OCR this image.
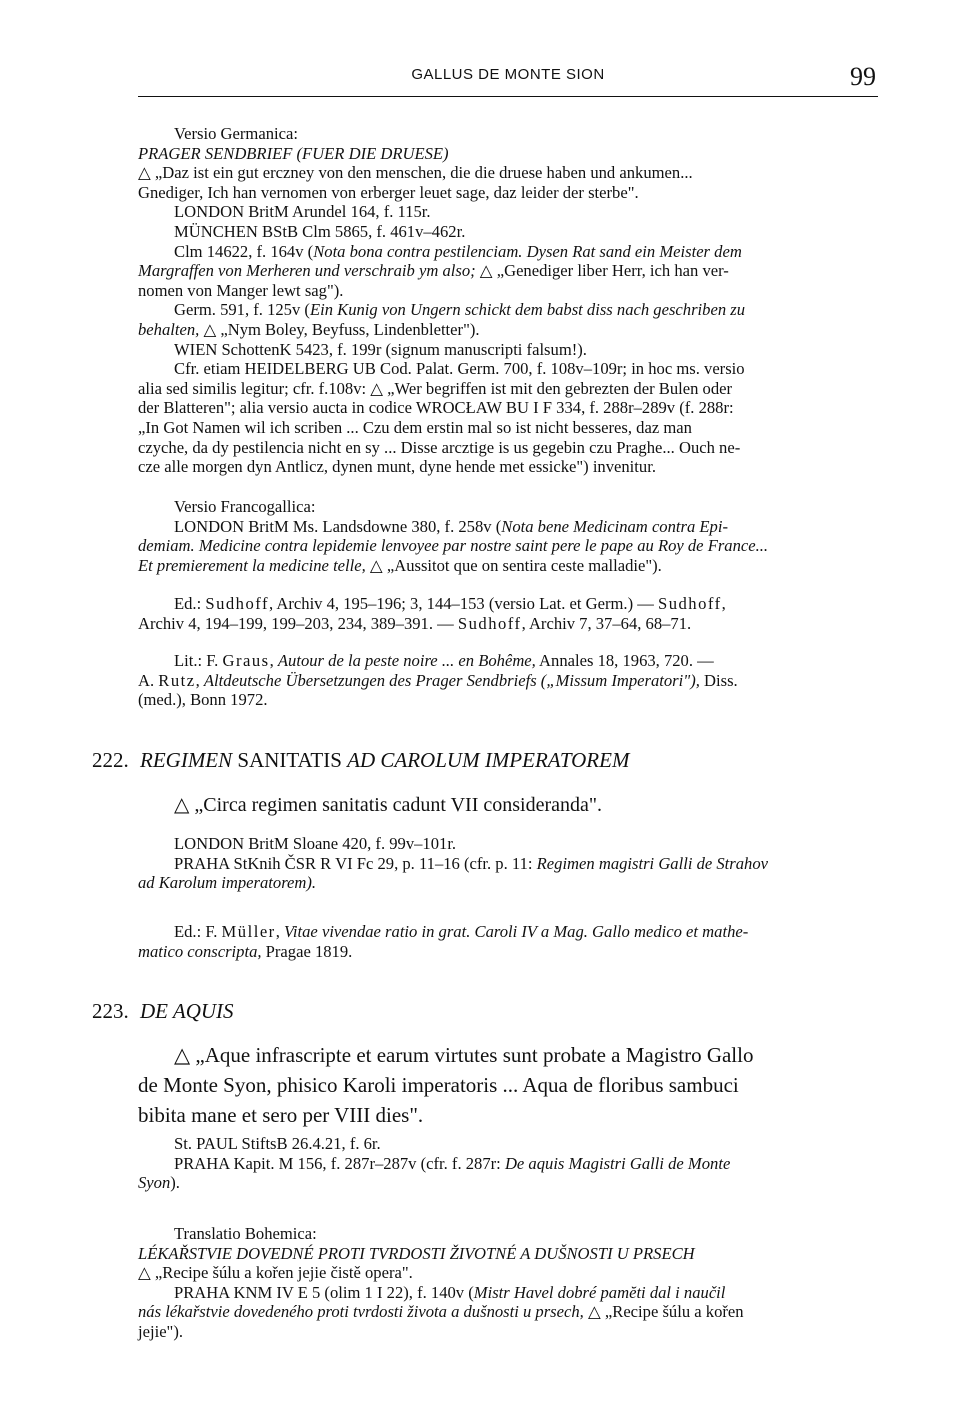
GALLUS DE MONTE SION	99

Versio Germanica:

PRAGER SENDBRIEF (FUER DIE DRUESE)

△ „Daz ist ein gut ercznеy von den menschen, die die druese haben und ankumen...

Gnediger, Ich han vernomen von erberger leuet sage, daz leider der sterbe".

LONDON BritM Arundel 164, f. 115r.

MÜNCHEN BStB Clm 5865, f. 461v–462r.

Clm 14622, f. 164v (Nota bona contra pestilenciam. Dysen Rat sand ein Meister dem

Margraffen von Merheren und verschraib ym also; △ „Genediger liber Herr, ich han ver-

nomen von Manger lewt sag").

Germ. 591, f. 125v (Ein Kunig von Ungern schickt dem babst diss nach geschriben zu

behalten, △ „Nym Boley, Beyfuss, Lindenbletter").

WIEN SchottenK 5423, f. 199r (signum manuscripti falsum!).

Cfr. etiam HEIDELBERG UB Cod. Palat. Germ. 700, f. 108v–109r; in hoc ms. versio

alia sed similis legitur; cfr. f.108v: △ „Wer begriffen ist mit den gebrezten der Bulen oder

der Blatteren"; alia versio aucta in codice WROCŁAW BU I F 334, f. 288r–289v (f. 288r:

„In Got Namen wil ich scriben ... Czu dem erstin mal so ist nicht besseres, daz man

czyche, da dy pestilencia nicht en sy ... Disse arcztige is us gegebin czu Praghe... Ouch ne-

cze alle morgen dyn Antlicz, dynen munt, dyne hende met essicke") invenitur.

Versio Francogallica:

LONDON BritM Ms. Landsdowne 380, f. 258v (Nota bene Medicinam contra Epi-

demiam. Medicine contra lepidemie lenvoyee par nostre saint pere le pape au Roy de France...

Et premierement la medicine telle, △ „Aussitot que on sentira ceste malladie").

Ed.: Sudhoff, Archiv 4, 195–196; 3, 144–153 (versio Lat. et Germ.) — Sudhoff,

Archiv 4, 194–199, 199–203, 234, 389–391. — Sudhoff, Archiv 7, 37–64, 68–71.

Lit.: F. Graus, Autour de la peste noire ... en Bohême, Annales 18, 1963, 720. —

A. Rutz, Altdeutsche Übersetzungen des Prager Sendbriefs („Missum Imperatori"), Diss.

(med.), Bonn 1972.

222. REGIMEN SANITATIS AD CAROLUM IMPERATOREM
△ „Circa regimen sanitatis cadunt VII consideranda".

LONDON BritM Sloane 420, f. 99v–101r.

PRAHA StKnih ČSR R VI Fc 29, p. 11–16 (cfr. p. 11: Regimen magistri Galli de Strahov

ad Karolum imperatorem).

Ed.: F. Müller, Vitae vivendae ratio in grat. Caroli IV a Mag. Gallo medico et mathe-

matico conscripta, Pragae 1819.

223. DE AQUIS

△ „Aque infrascripte et earum virtutes sunt probate a Magistro Gallo

de Monte Syon, phisico Karoli imperatoris ... Aqua de floribus sambuci

bibita mane et sero per VIII dies".

St. PAUL StiftsB 26.4.21, f. 6r.

PRAHA Kapit. M 156, f. 287r–287v (cfr. f. 287r: De aquis Magistri Galli de Monte

Syon).

Translatio Bohemica:

LÉKAŘSTVIE DOVEDNÉ PROTI TVRDOSTI ŽIVOTNÉ A DUŠNOSTI U PRSECH

△ „Recipe šúlu a kořen jejie čistě opera".

PRAHA KNM IV E 5 (olim 1 I 22), f. 140v (Mistr Havel dobré pamĕti dal i naučil

nás lékařstvie dovedeného proti tvrdosti života a dušnosti u prsech, △ „Recipe šúlu a kořen

jejie").
